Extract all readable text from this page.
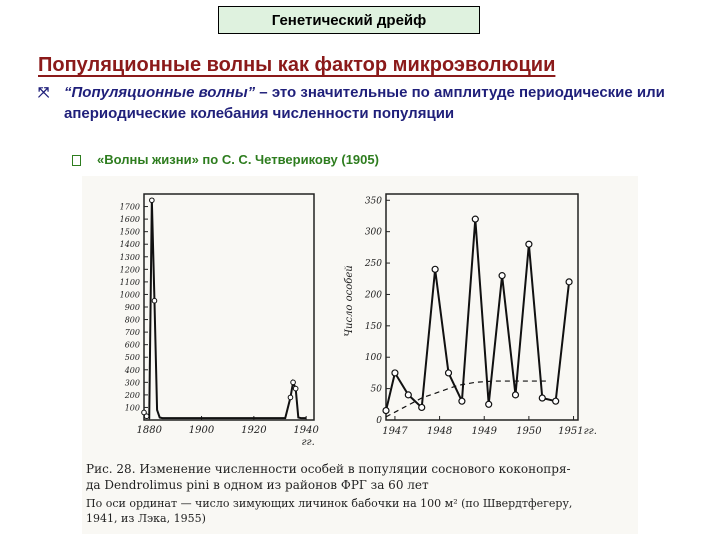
Генетический дрейф
Популяционные волны как фактор микроэволюции
⤧ “Популяционные волны” – это значительные по амплитуде периодические или апериодические колебания численности популяции
«Волны жизни» по С. С. Четверикову (1905)
100
200
300
400
500
600
700
800
900
1000
1100
1200
1300
1400
1500
1600
1700
1880	1900	1920	1940
гг.
0
50
100
150
200
250
300
350
Число особей
1947 1948 1949 1950 1951гг.
Рис. 28. Изменение численности особей в популяции соснового коконопря-
да Dendrolimus pini в одном из районов ФРГ за 60 лет
По оси ординат — число зимующих личинок бабочки на 100 м² (по Швердтфегеру,
1941, из Лэка, 1955)
